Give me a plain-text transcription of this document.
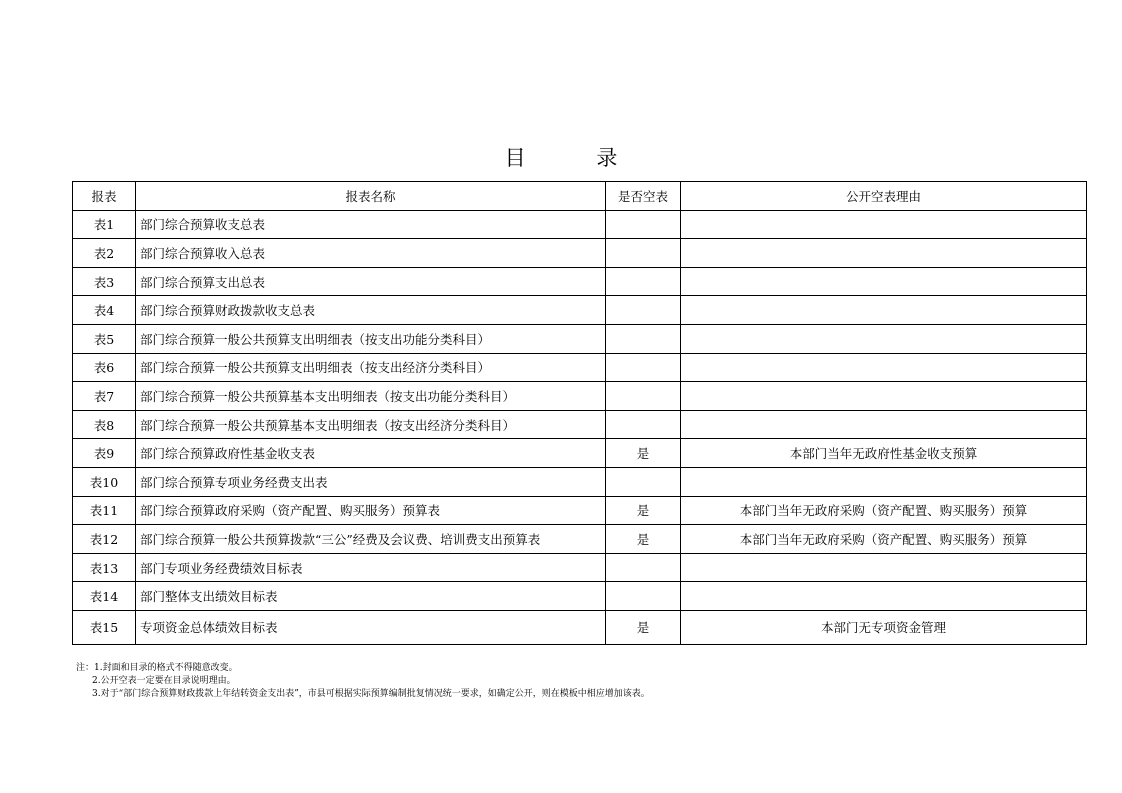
目 录
报表	报表名称	是否空表	公开空表理由
表1	部门综合预算收支总表		
表2	部门综合预算收入总表		
表3	部门综合预算支出总表		
表4	部门综合预算财政拨款收支总表		
表5	部门综合预算一般公共预算支出明细表（按支出功能分类科目）		
表6	部门综合预算一般公共预算支出明细表（按支出经济分类科目）		
表7	部门综合预算一般公共预算基本支出明细表（按支出功能分类科目）		
表8	部门综合预算一般公共预算基本支出明细表（按支出经济分类科目）		
表9	部门综合预算政府性基金收支表	是	本部门当年无政府性基金收支预算
表10	部门综合预算专项业务经费支出表		
表11	部门综合预算政府采购（资产配置、购买服务）预算表	是	本部门当年无政府采购（资产配置、购买服务）预算
表12	部门综合预算一般公共预算拨款“三公”经费及会议费、培训费支出预算表	是	本部门当年无政府采购（资产配置、购买服务）预算
表13	部门专项业务经费绩效目标表		
表14	部门整体支出绩效目标表		
表15	专项资金总体绩效目标表	是	本部门无专项资金管理
注：1.封面和目录的格式不得随意改变。
2.公开空表一定要在目录说明理由。
3.对于“部门综合预算财政拨款上年结转资金支出表”，市县可根据实际预算编制批复情况统一要求，如确定公开，则在模板中相应增加该表。
